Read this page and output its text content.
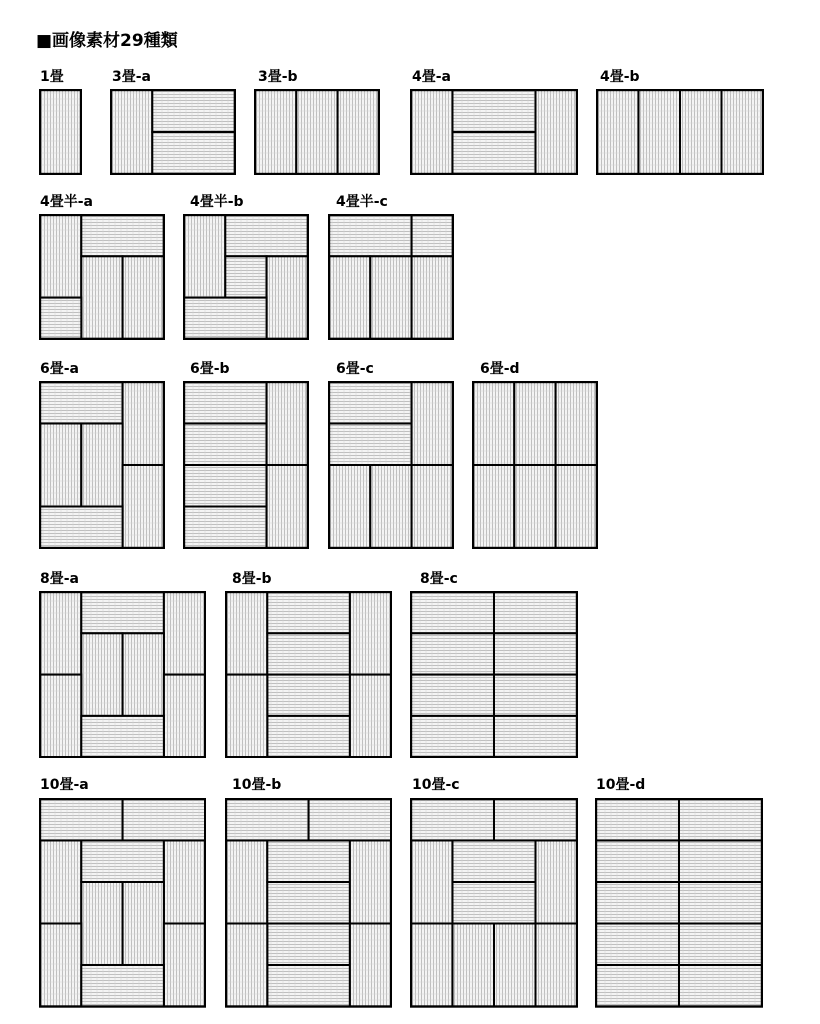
■画像素材29種類
1畳	3畳-a	3畳-b	4畳-a	4畳-b
4畳半-a	4畳半-b	4畳半-c
6畳-a	6畳-b	6畳-c	6畳-d
8畳-a	8畳-b	8畳-c
10畳-a	10畳-b	10畳-c	10畳-d
